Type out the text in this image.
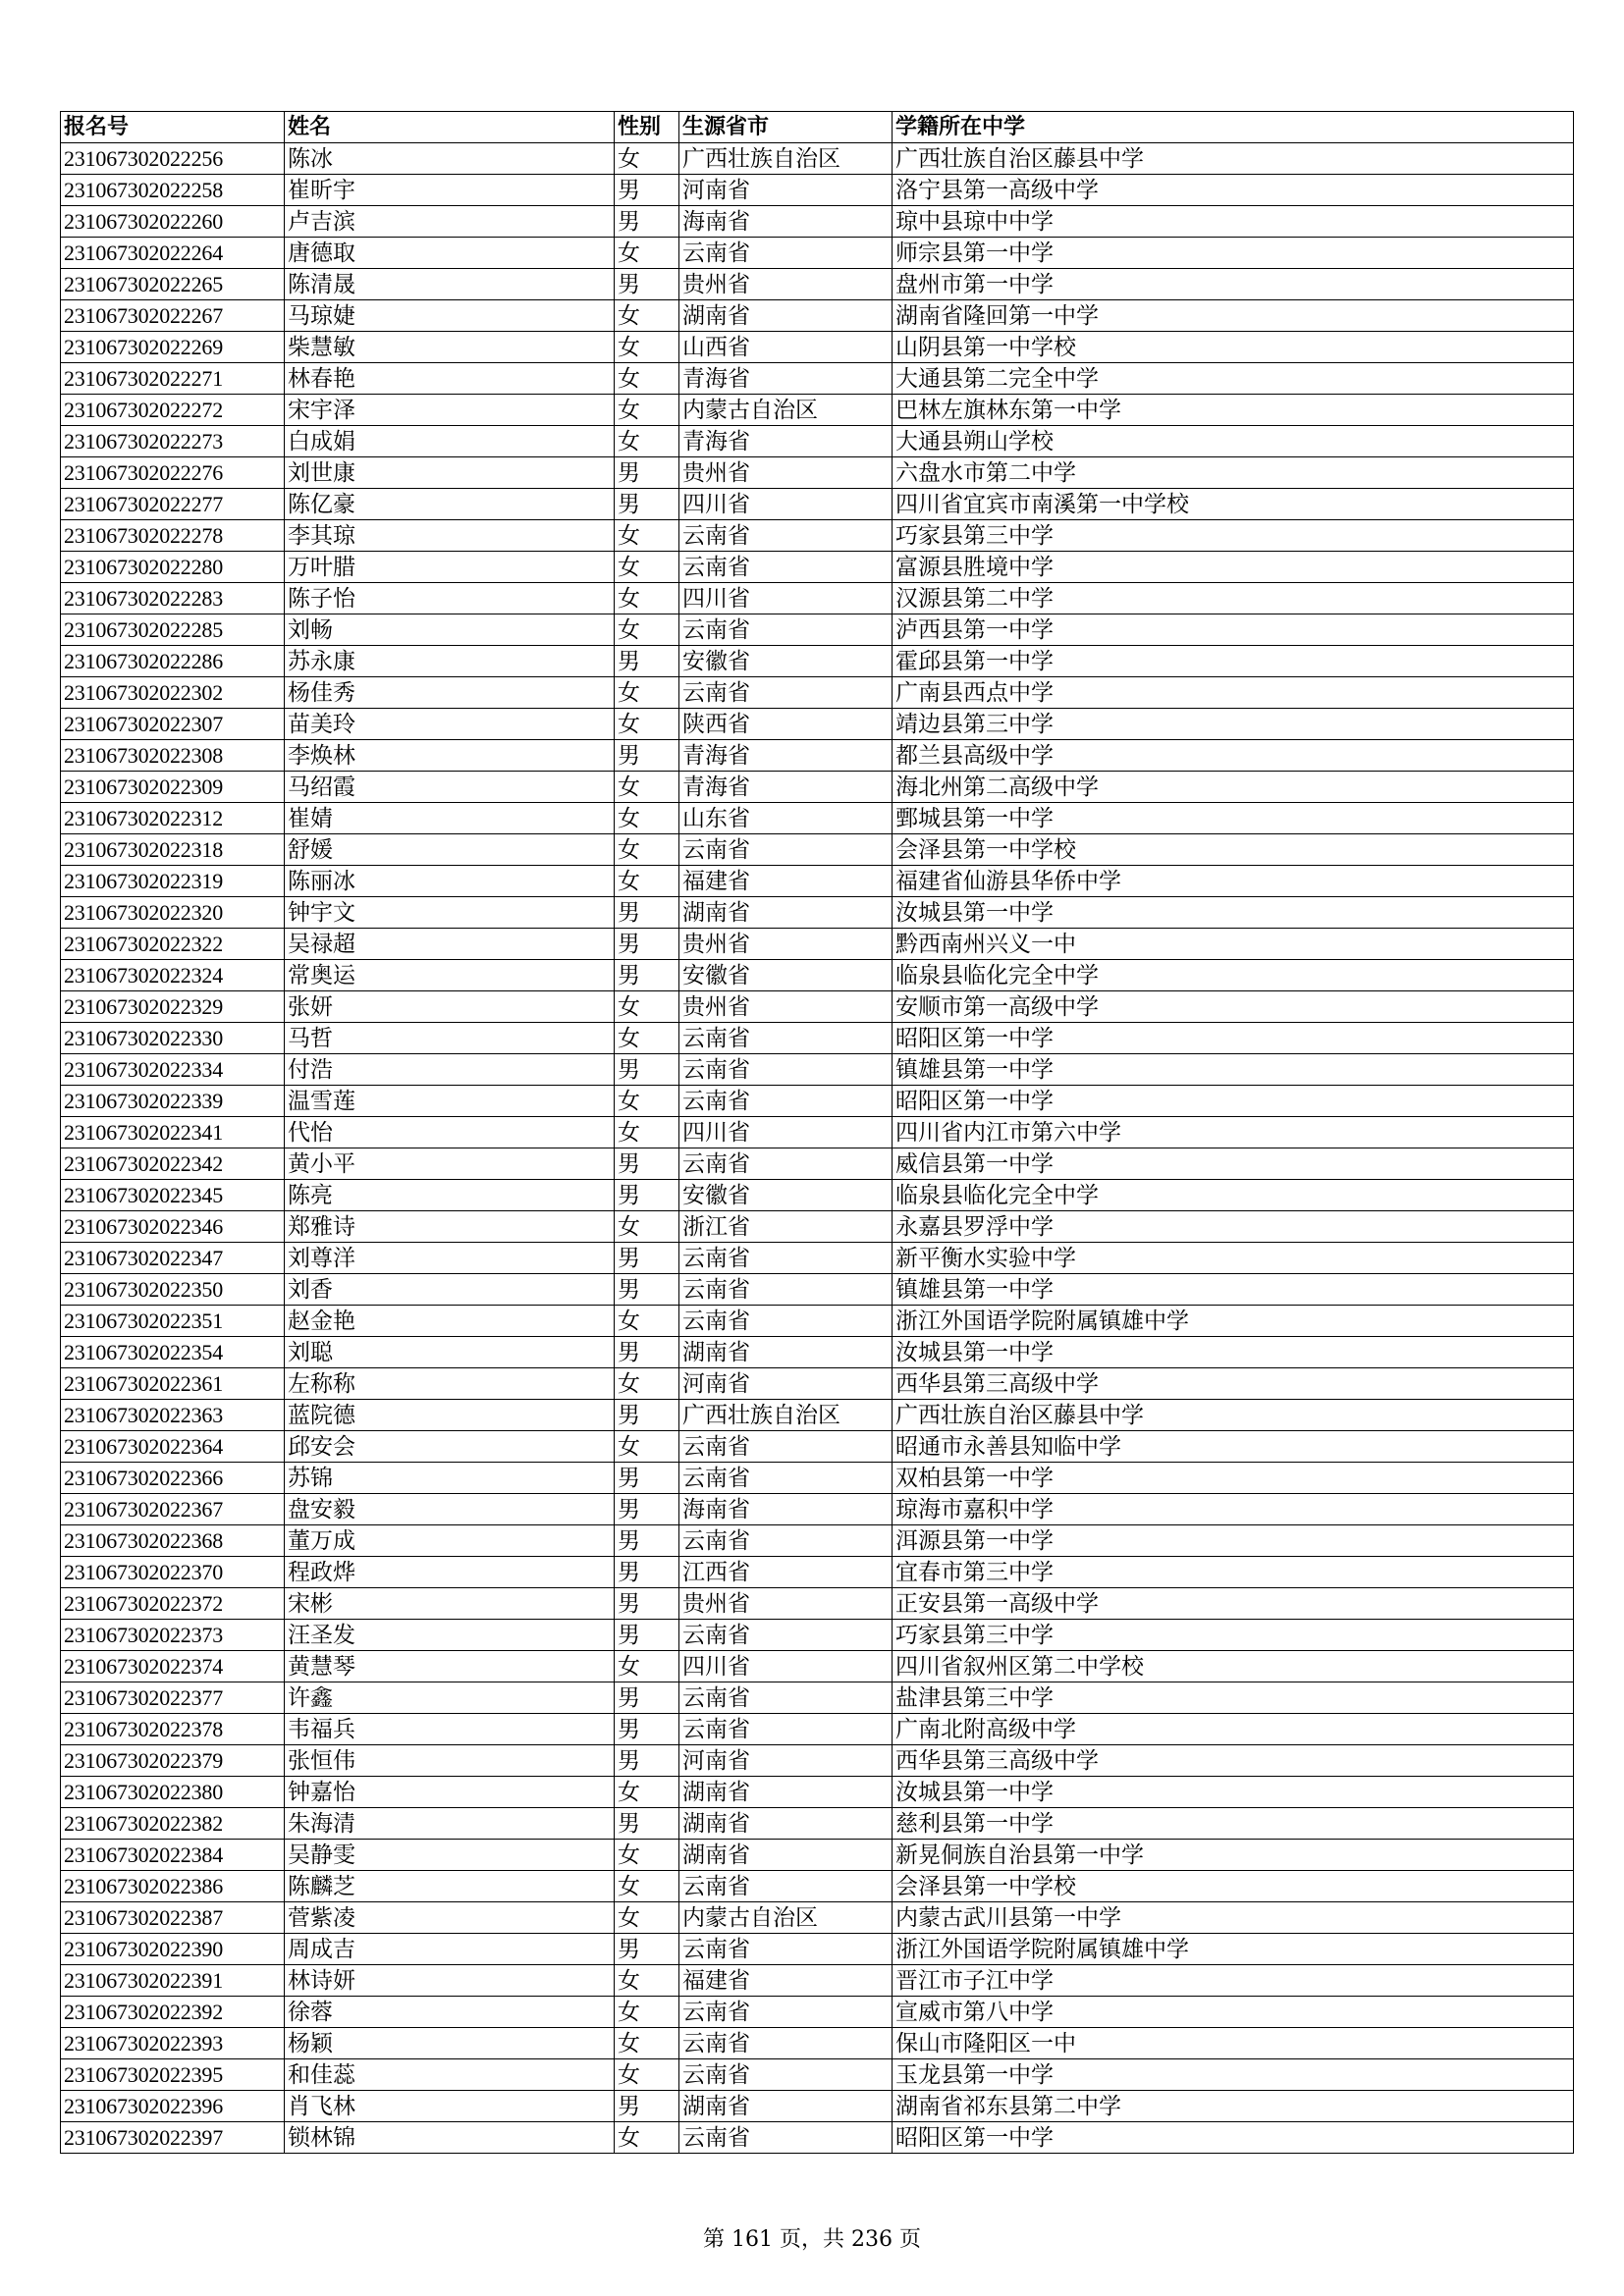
报名号	姓名	性别	生源省市	学籍所在中学
231067302022256	陈冰	女	广西壮族自治区	广西壮族自治区藤县中学
231067302022258	崔昕宇	男	河南省	洛宁县第一高级中学
231067302022260	卢吉滨	男	海南省	琼中县琼中中学
231067302022264	唐德取	女	云南省	师宗县第一中学
231067302022265	陈清晟	男	贵州省	盘州市第一中学
231067302022267	马琼婕	女	湖南省	湖南省隆回第一中学
231067302022269	柴慧敏	女	山西省	山阴县第一中学校
231067302022271	林春艳	女	青海省	大通县第二完全中学
231067302022272	宋宇泽	女	内蒙古自治区	巴林左旗林东第一中学
231067302022273	白成娟	女	青海省	大通县朔山学校
231067302022276	刘世康	男	贵州省	六盘水市第二中学
231067302022277	陈亿豪	男	四川省	四川省宜宾市南溪第一中学校
231067302022278	李其琼	女	云南省	巧家县第三中学
231067302022280	万叶腊	女	云南省	富源县胜境中学
231067302022283	陈子怡	女	四川省	汉源县第二中学
231067302022285	刘畅	女	云南省	泸西县第一中学
231067302022286	苏永康	男	安徽省	霍邱县第一中学
231067302022302	杨佳秀	女	云南省	广南县西点中学
231067302022307	苗美玲	女	陕西省	靖边县第三中学
231067302022308	李焕林	男	青海省	都兰县高级中学
231067302022309	马绍霞	女	青海省	海北州第二高级中学
231067302022312	崔婧	女	山东省	鄄城县第一中学
231067302022318	舒媛	女	云南省	会泽县第一中学校
231067302022319	陈丽冰	女	福建省	福建省仙游县华侨中学
231067302022320	钟宇文	男	湖南省	汝城县第一中学
231067302022322	吴禄超	男	贵州省	黔西南州兴义一中
231067302022324	常奥运	男	安徽省	临泉县临化完全中学
231067302022329	张妍	女	贵州省	安顺市第一高级中学
231067302022330	马哲	女	云南省	昭阳区第一中学
231067302022334	付浩	男	云南省	镇雄县第一中学
231067302022339	温雪莲	女	云南省	昭阳区第一中学
231067302022341	代怡	女	四川省	四川省内江市第六中学
231067302022342	黄小平	男	云南省	威信县第一中学
231067302022345	陈亮	男	安徽省	临泉县临化完全中学
231067302022346	郑雅诗	女	浙江省	永嘉县罗浮中学
231067302022347	刘尊洋	男	云南省	新平衡水实验中学
231067302022350	刘香	男	云南省	镇雄县第一中学
231067302022351	赵金艳	女	云南省	浙江外国语学院附属镇雄中学
231067302022354	刘聪	男	湖南省	汝城县第一中学
231067302022361	左称称	女	河南省	西华县第三高级中学
231067302022363	蓝院德	男	广西壮族自治区	广西壮族自治区藤县中学
231067302022364	邱安会	女	云南省	昭通市永善县知临中学
231067302022366	苏锦	男	云南省	双柏县第一中学
231067302022367	盘安毅	男	海南省	琼海市嘉积中学
231067302022368	董万成	男	云南省	洱源县第一中学
231067302022370	程政烨	男	江西省	宜春市第三中学
231067302022372	宋彬	男	贵州省	正安县第一高级中学
231067302022373	汪圣发	男	云南省	巧家县第三中学
231067302022374	黄慧琴	女	四川省	四川省叙州区第二中学校
231067302022377	许鑫	男	云南省	盐津县第三中学
231067302022378	韦福兵	男	云南省	广南北附高级中学
231067302022379	张恒伟	男	河南省	西华县第三高级中学
231067302022380	钟嘉怡	女	湖南省	汝城县第一中学
231067302022382	朱海清	男	湖南省	慈利县第一中学
231067302022384	吴静雯	女	湖南省	新晃侗族自治县第一中学
231067302022386	陈麟芝	女	云南省	会泽县第一中学校
231067302022387	菅紫凌	女	内蒙古自治区	内蒙古武川县第一中学
231067302022390	周成吉	男	云南省	浙江外国语学院附属镇雄中学
231067302022391	林诗妍	女	福建省	晋江市子江中学
231067302022392	徐蓉	女	云南省	宣威市第八中学
231067302022393	杨颖	女	云南省	保山市隆阳区一中
231067302022395	和佳蕊	女	云南省	玉龙县第一中学
231067302022396	肖飞林	男	湖南省	湖南省祁东县第二中学
231067302022397	锁林锦	女	云南省	昭阳区第一中学
第 161 页，共 236 页
